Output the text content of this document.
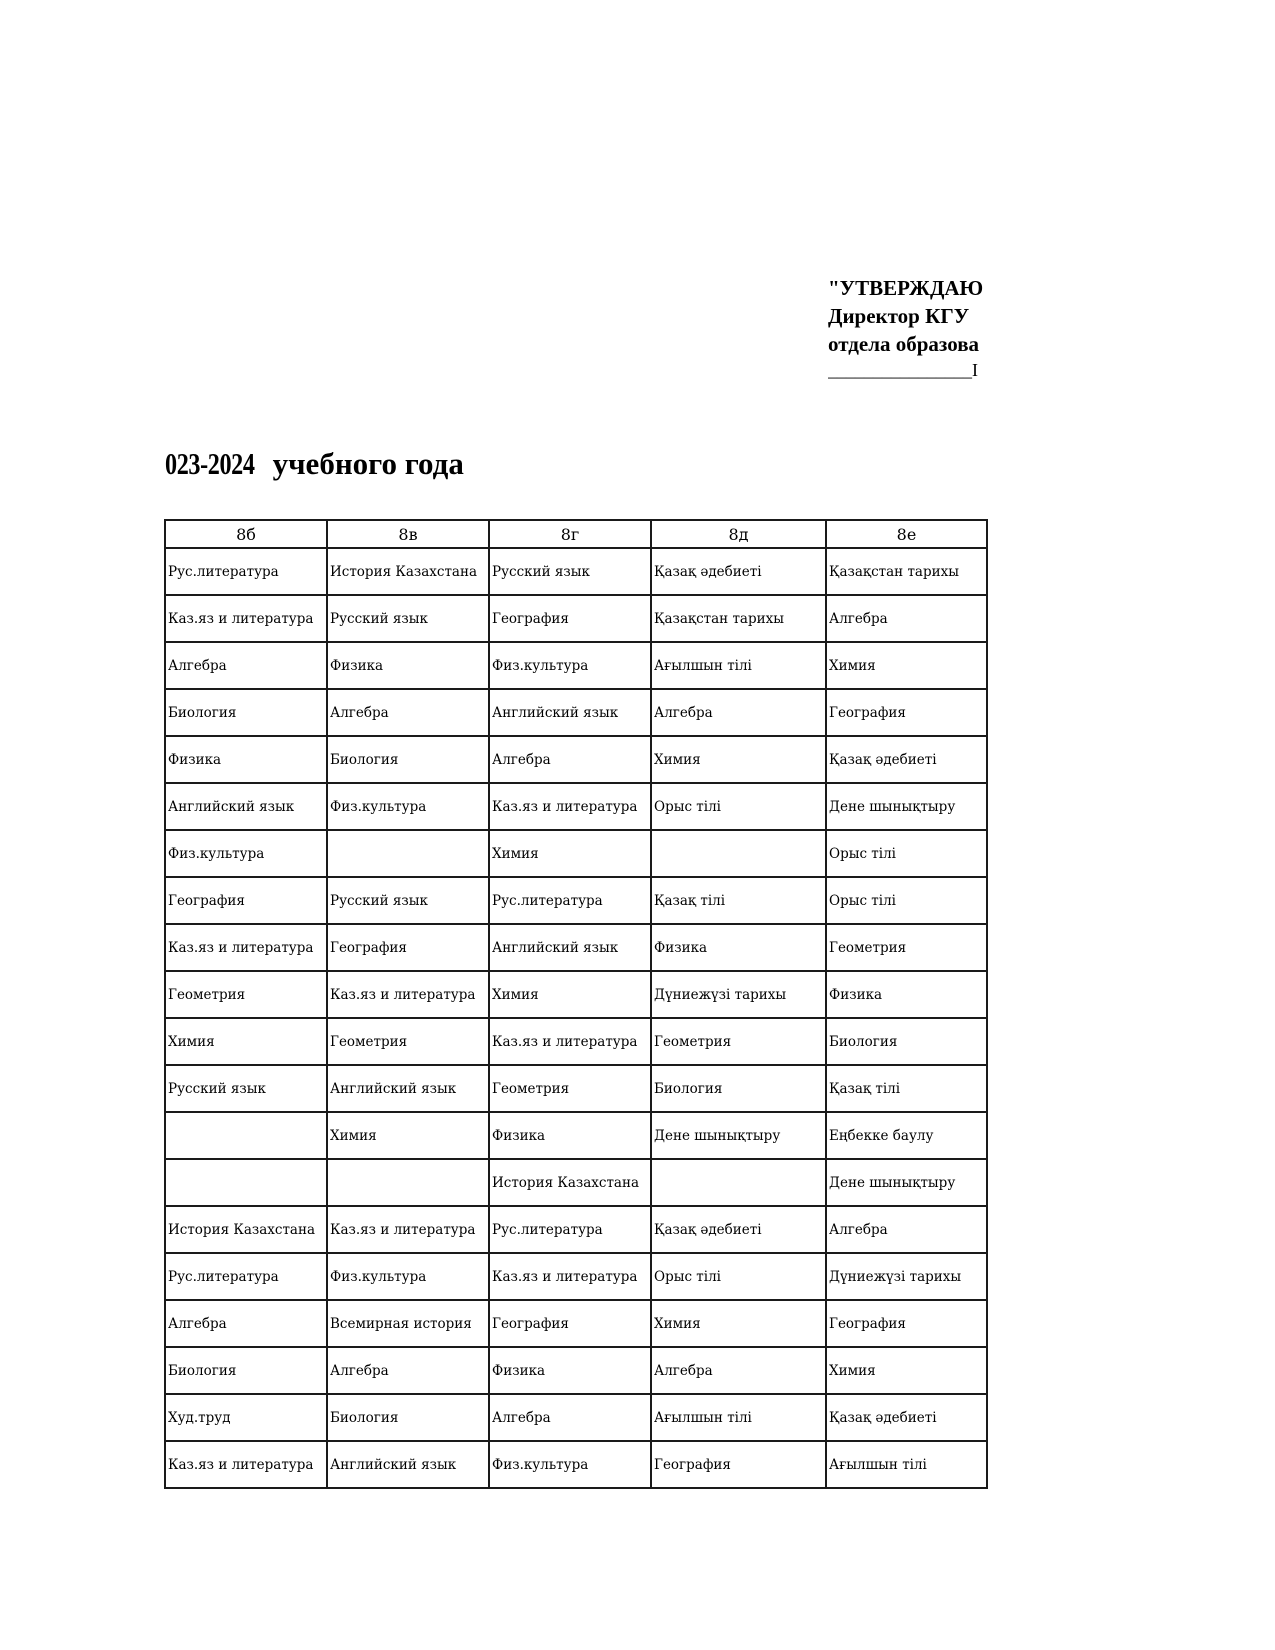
"УТВЕРЖДАЮ
Директор КГУ
отдела образова
________________I
023-2024 учебного года
8б	8в	8г	8д	8е
Рус.литература	История Казахстана	Русский язык	Қазақ әдебиеті	Қазақстан тарихы
Каз.яз и литература	Русский язык	География	Қазақстан тарихы	Алгебра
Алгебра	Физика	Физ.культура	Ағылшын тілі	Химия
Биология	Алгебра	Английский язык	Алгебра	География
Физика	Биология	Алгебра	Химия	Қазақ әдебиеті
Английский язык	Физ.культура	Каз.яз и литература	Орыс тілі	Дене шынықтыру
Физ.культура		Химия		Орыс тілі
География	Русский язык	Рус.литература	Қазақ тілі	Орыс тілі
Каз.яз и литература	География	Английский язык	Физика	Геометрия
Геометрия	Каз.яз и литература	Химия	Дүниежүзі тарихы	Физика
Химия	Геометрия	Каз.яз и литература	Геометрия	Биология
Русский язык	Английский язык	Геометрия	Биология	Қазақ тілі
	Химия	Физика	Дене шынықтыру	Еңбекке баулу
		История Казахстана		Дене шынықтыру
История Казахстана	Каз.яз и литература	Рус.литература	Қазақ әдебиеті	Алгебра
Рус.литература	Физ.культура	Каз.яз и литература	Орыс тілі	Дүниежүзі тарихы
Алгебра	Всемирная история	География	Химия	География
Биология	Алгебра	Физика	Алгебра	Химия
Худ.труд	Биология	Алгебра	Ағылшын тілі	Қазақ әдебиеті
Каз.яз и литература	Английский язык	Физ.культура	География	Ағылшын тілі
